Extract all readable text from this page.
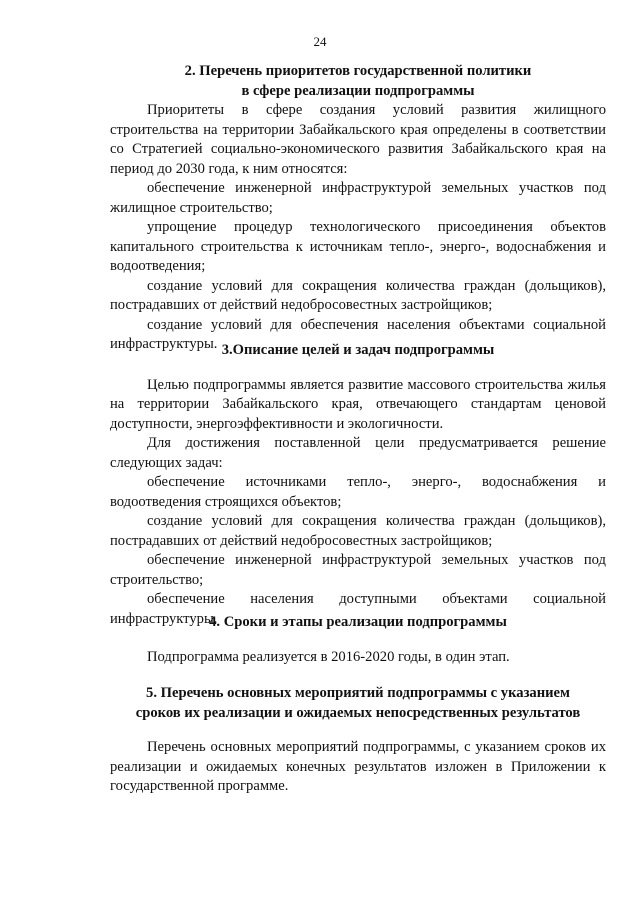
24
2. Перечень приоритетов государственной политики
в сфере реализации подпрограммы

Приоритеты в сфере создания условий развития жилищного строительства на территории Забайкальского края определены в соответствии со Стратегией социально-экономического развития Забайкальского края на период до 2030 года, к ним относятся:

обеспечение инженерной инфраструктурой земельных участков под жилищное строительство;

упрощение процедур технологического присоединения объектов капитального строительства к источникам тепло-, энерго-, водоснабжения и водоотведения;

создание условий для сокращения количества граждан (дольщиков), пострадавших от действий недобросовестных застройщиков;

создание условий для обеспечения населения объектами социальной инфраструктуры. 3.Описание целей и задач подпрограммы

Целью подпрограммы является развитие массового строительства жилья на территории Забайкальского края, отвечающего стандартам ценовой доступности, энергоэффективности и экологичности.

Для достижения поставленной цели предусматривается решение следующих задач:

обеспечение источниками тепло-, энерго-, водоснабжения и водоотведения строящихся объектов;

создание условий для сокращения количества граждан (дольщиков), пострадавших от действий недобросовестных застройщиков;

обеспечение инженерной инфраструктурой земельных участков под строительство;

обеспечение населения доступными объектами социальной инфраструктуры.

4. Сроки и этапы реализации подпрограммы

Подпрограмма реализуется в 2016-2020 годы, в один этап.

5. Перечень основных мероприятий подпрограммы с указанием
сроков их реализации и ожидаемых непосредственных результатов

Перечень основных мероприятий подпрограммы, с указанием сроков их реализации и ожидаемых конечных результатов изложен в Приложении к государственной программе.
